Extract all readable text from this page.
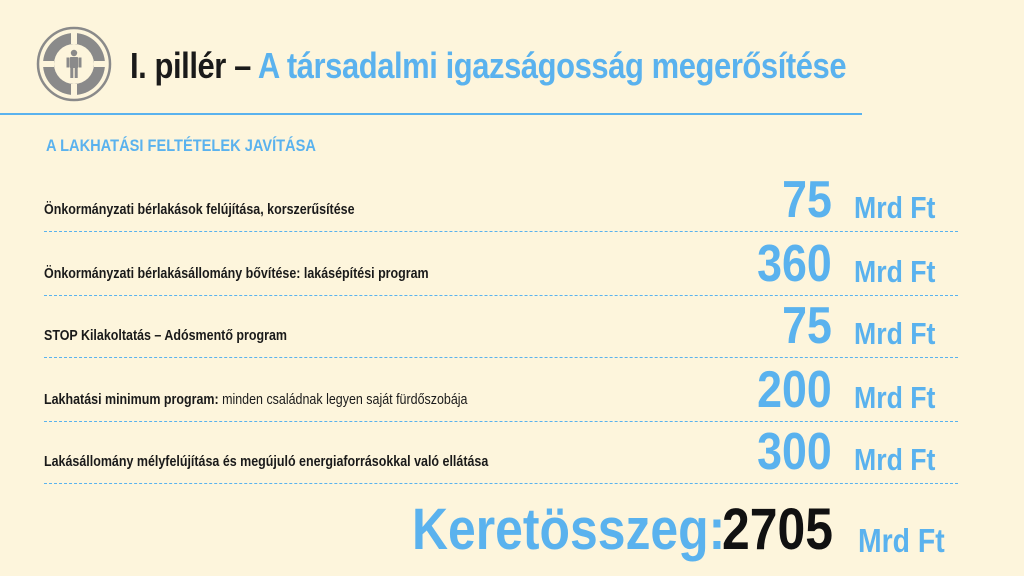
I. pillér – A társadalmi igazságosság megerősítése
A LAKHATÁSI FELTÉTELEK JAVÍTÁSA
Önkormányzati bérlakások felújítása, korszerűsítése	75 Mrd Ft
Önkormányzati bérlakásállomány bővítése: lakásépítési program	360 Mrd Ft
STOP Kilakoltatás – Adósmentő program	75 Mrd Ft
Lakhatási minimum program: minden családnak legyen saját fürdőszobája	200 Mrd Ft
Lakásállomány mélyfelújítása és megújuló energiaforrásokkal való ellátása	300 Mrd Ft
Keretösszeg:
2705 Mrd Ft
